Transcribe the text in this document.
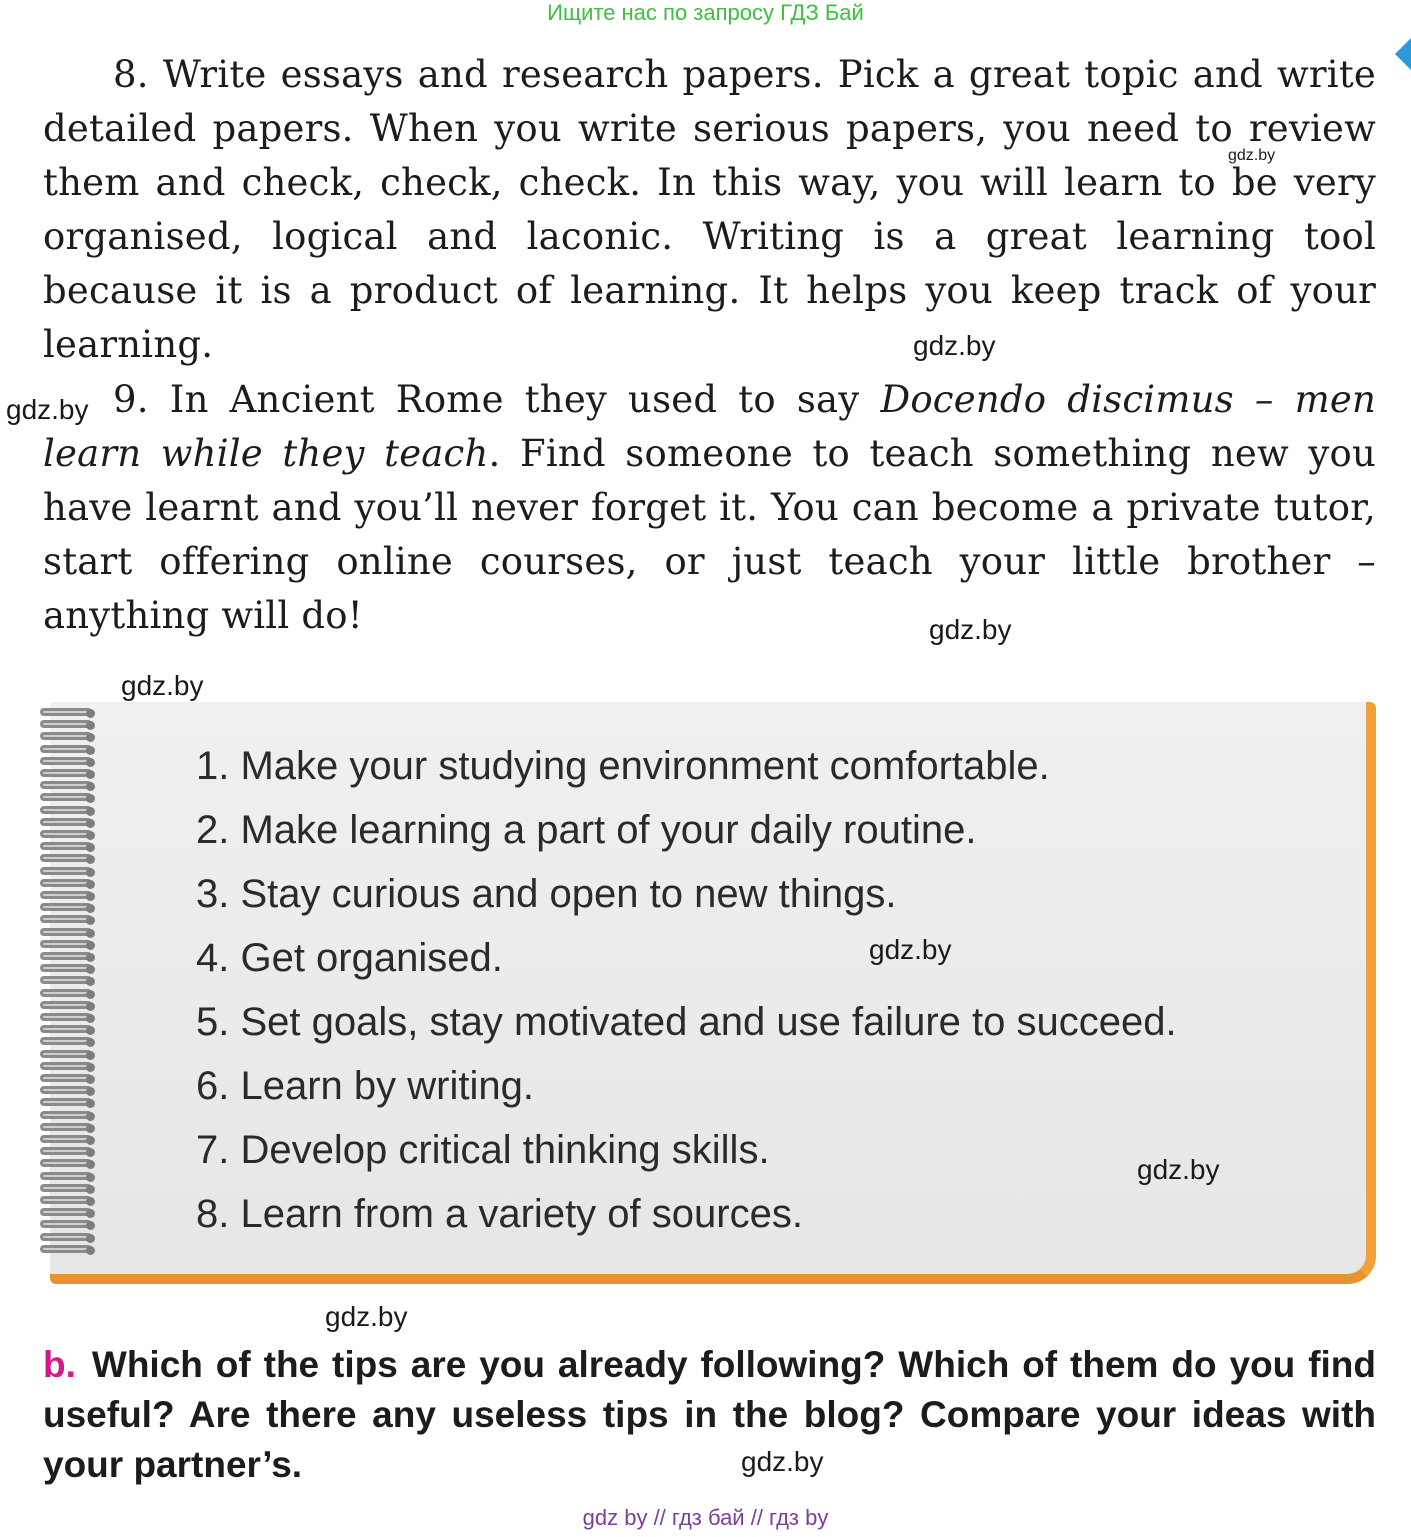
Ищите нас по запросу ГДЗ Бай

8. Write essays and research papers. Pick a great topic and write detailed papers. When you write serious papers, you need to review them and check, check, check. In this way, you will learn to be very organised, logical and laconic. Writing is a great learning tool because it is a product of learning. It helps you keep track of your learning.

9. In Ancient Rome they used to say Docendo discimus – men learn while they teach. Find someone to teach something new you have learnt and you’ll never forget it. You can become a private tutor, start offering online courses, or just teach your little brother – anything will do!

gdz.by
gdz.by
gdz.by
gdz.by
gdz.by
1. Make your studying environment comfortable.
2. Make learning a part of your daily routine.
3. Stay curious and open to new things.
4. Get organised.
5. Set goals, stay motivated and use failure to succeed.
6. Learn by writing.
7. Develop critical thinking skills.
8. Learn from a variety of sources.
gdz.by
gdz.by
gdz.by

b. Which of the tips are you already following? Which of them do you find useful? Are there any useless tips in the blog? Compare your ideas with your partner’s.	gdz.by
gdz by // гдз бай // гдз by
